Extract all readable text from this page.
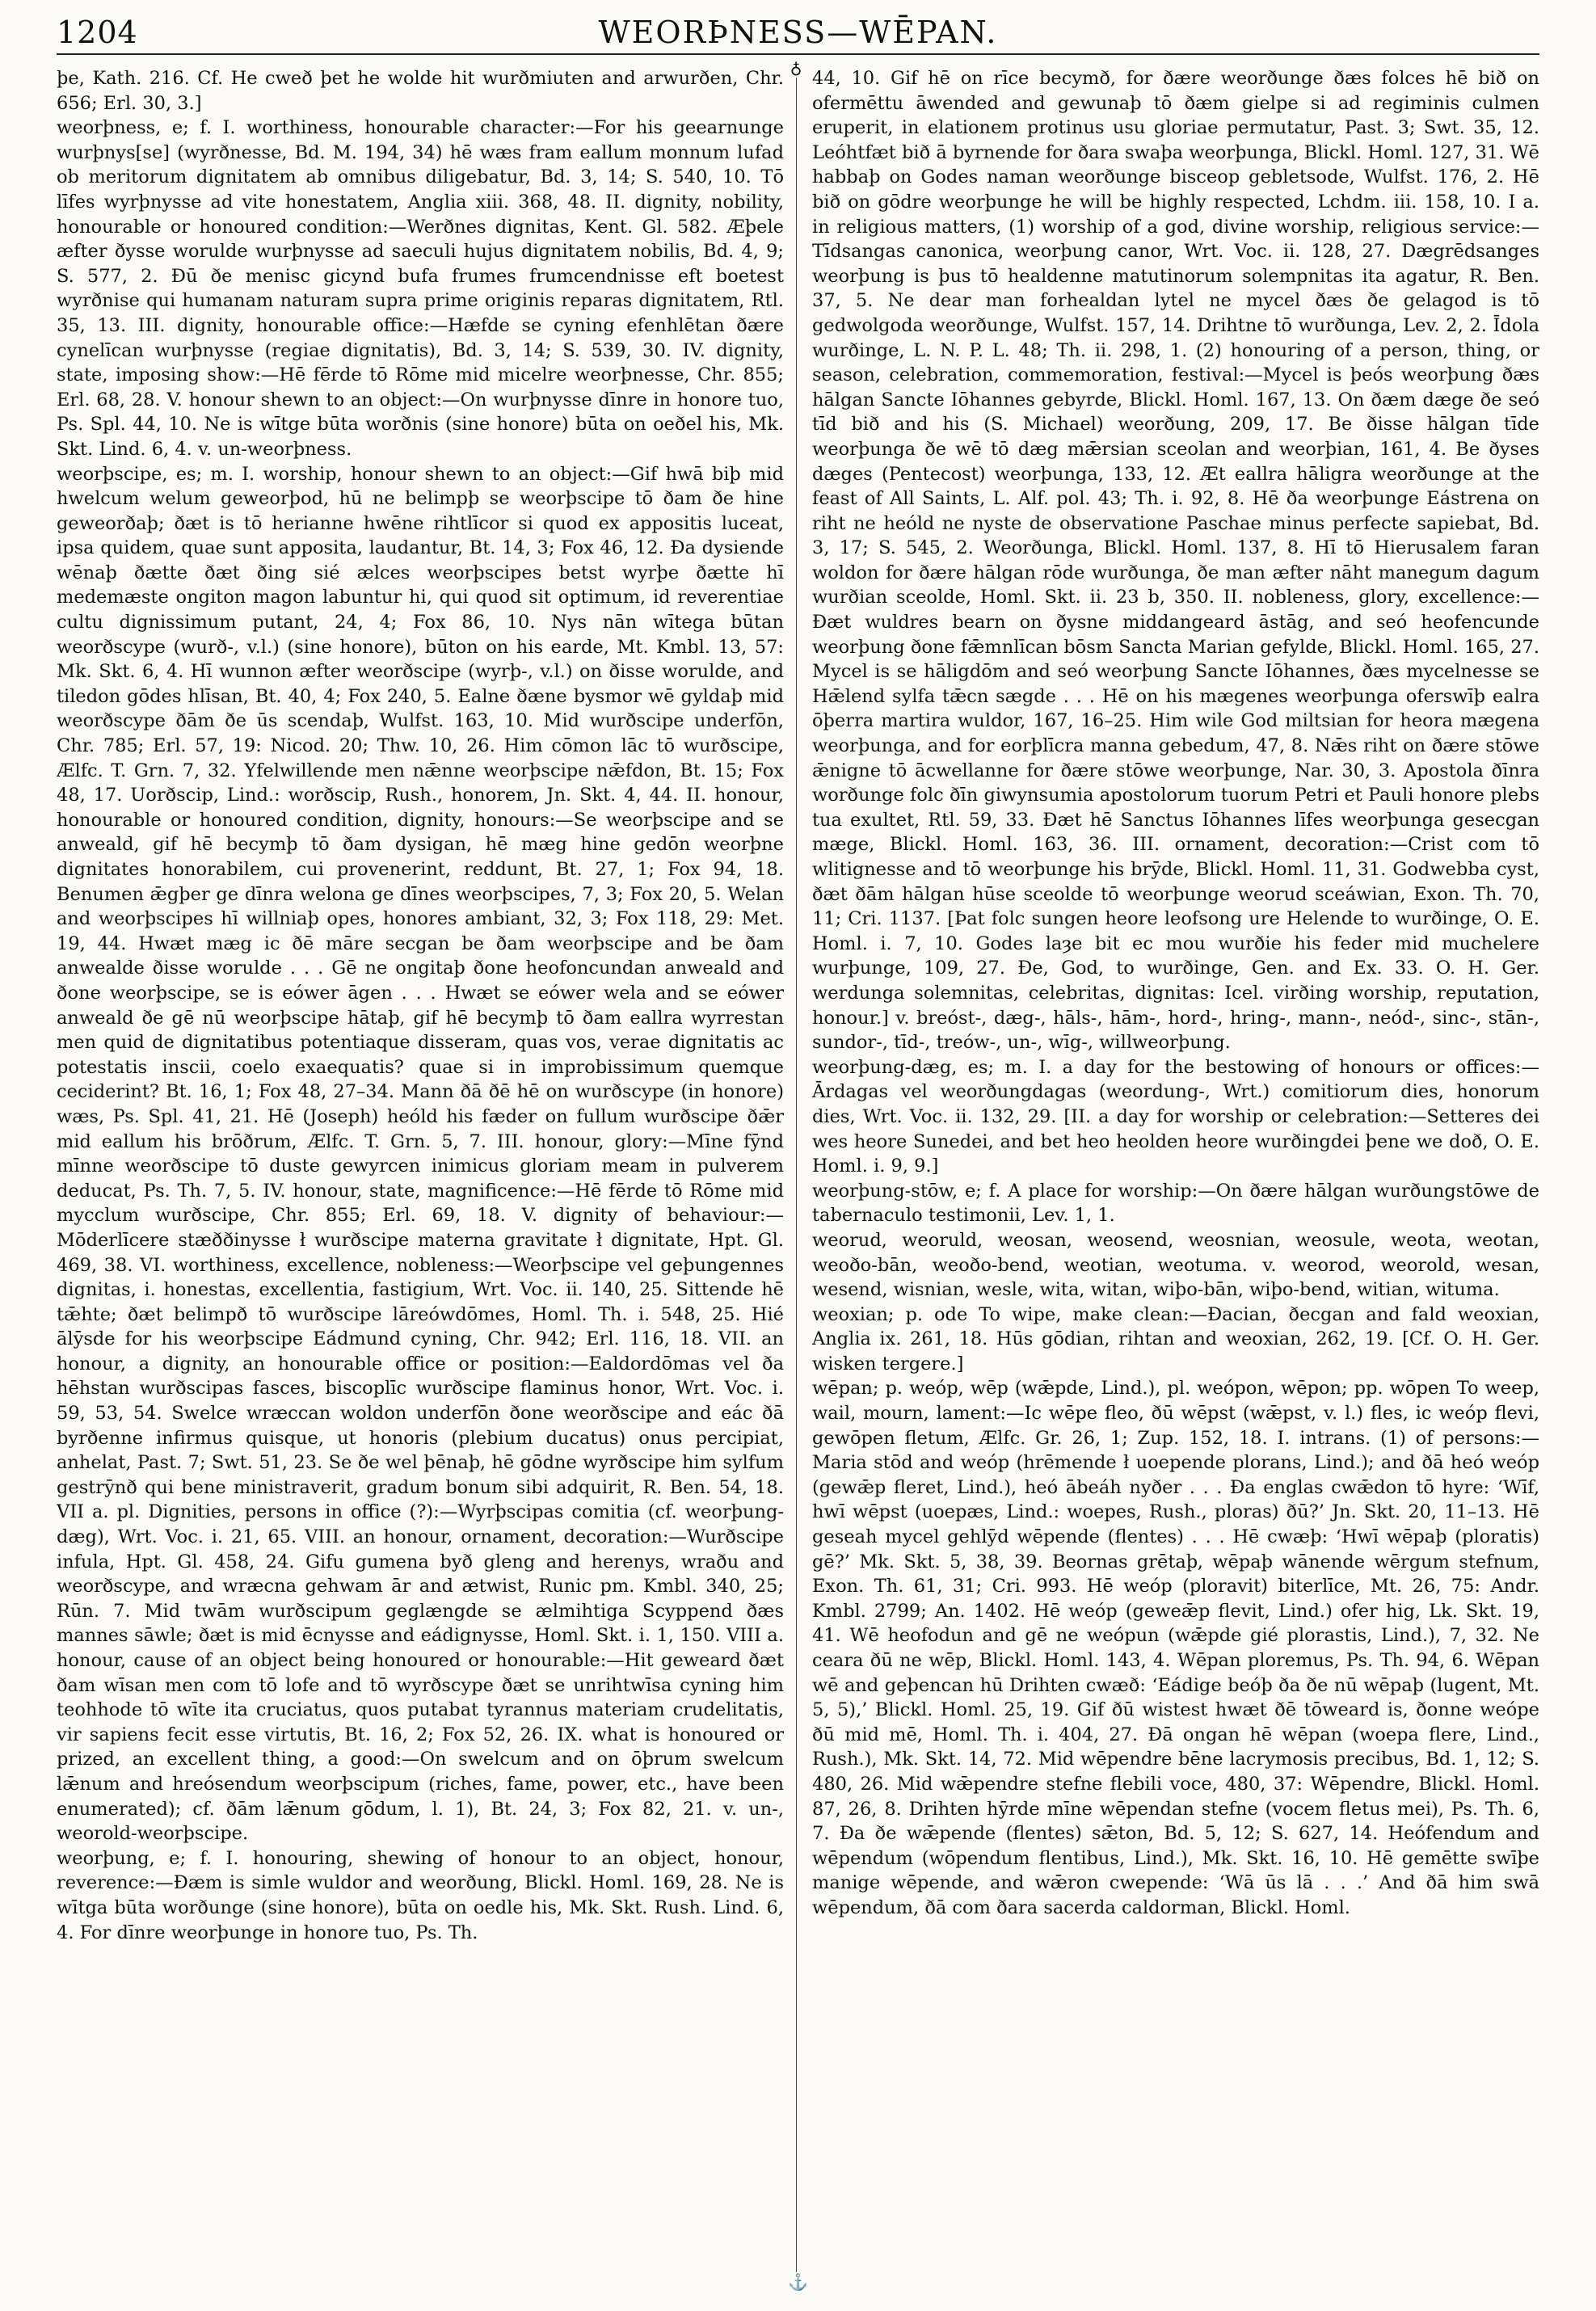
1204	WEORÞNESS—WĒPAN.

þe, Kath. 216. Cf. He cweð þet he wolde hit wurðmiuten and arwurðen, Chr. 656; Erl. 30, 3.]

weorþness, e; f. I. worthiness, honourable character:—For his geearnunge wurþnys[se] (wyrðnesse, Bd. M. 194, 34) hē wæs fram eallum monnum lufad ob meritorum dignitatem ab omnibus diligebatur, Bd. 3, 14; S. 540, 10. Tō līfes wyrþnysse ad vite honestatem, Anglia xiii. 368, 48. II. dignity, nobility, honourable or honoured condition:—Werðnes dignitas, Kent. Gl. 582. Æþele æfter ðysse worulde wurþnysse ad saeculi hujus dignitatem nobilis, Bd. 4, 9; S. 577, 2. Ðū ðe menisc gicynd bufa frumes frumcendnisse eft boetest wyrðnise qui humanam naturam supra prime originis reparas dignitatem, Rtl. 35, 13. III. dignity, honourable office:—Hæfde se cyning efenhlētan ðære cynelīcan wurþnysse (regiae dignitatis), Bd. 3, 14; S. 539, 30. IV. dignity, state, imposing show:—Hē fērde tō Rōme mid micelre weorþnesse, Chr. 855; Erl. 68, 28. V. honour shewn to an object:—On wurþnysse dīnre in honore tuo, Ps. Spl. 44, 10. Ne is wītge būta worðnis (sine honore) būta on oeðel his, Mk. Skt. Lind. 6, 4. v. un-weorþness.

weorþscipe, es; m. I. worship, honour shewn to an object:—Gif hwā biþ mid hwelcum welum geweorþod, hū ne belimpþ se weorþscipe tō ðam ðe hine geweorðaþ; ðæt is tō herianne hwēne rihtlīcor si quod ex appositis luceat, ipsa quidem, quae sunt apposita, laudantur, Bt. 14, 3; Fox 46, 12. Ða dysiende wēnaþ ðætte ðæt ðing sié ælces weorþscipes betst wyrþe ðætte hī medemæste ongiton magon labuntur hi, qui quod sit optimum, id reverentiae cultu dignissimum putant, 24, 4; Fox 86, 10. Nys nān wītega būtan weorðscype (wurð-, v.l.) (sine honore), būton on his earde, Mt. Kmbl. 13, 57: Mk. Skt. 6, 4. Hī wunnon æfter weorðscipe (wyrþ-, v.l.) on ðisse worulde, and tiledon gōdes hlīsan, Bt. 40, 4; Fox 240, 5. Ealne ðæne bysmor wē gyldaþ mid weorðscype ðām ðe ūs scendaþ, Wulfst. 163, 10. Mid wurðscipe underfōn, Chr. 785; Erl. 57, 19: Nicod. 20; Thw. 10, 26. Him cōmon lāc tō wurðscipe, Ælfc. T. Grn. 7, 32. Yfelwillende men nǣnne weorþscipe nǣfdon, Bt. 15; Fox 48, 17. Uorðscip, Lind.: worðscip, Rush., honorem, Jn. Skt. 4, 44. II. honour, honourable or honoured condition, dignity, honours:—Se weorþscipe and se anweald, gif hē becymþ tō ðam dysigan, hē mæg hine gedōn weorþne dignitates honorabilem, cui provenerint, reddunt, Bt. 27, 1; Fox 94, 18. Benumen ǣgþer ge dīnra welona ge dīnes weorþscipes, 7, 3; Fox 20, 5. Welan and weorþscipes hī willniaþ opes, honores ambiant, 32, 3; Fox 118, 29: Met. 19, 44. Hwæt mæg ic ðē māre secgan be ðam weorþscipe and be ðam anwealde ðisse worulde . . . Gē ne ongitaþ ðone heofoncundan anweald and ðone weorþscipe, se is eówer āgen . . . Hwæt se eówer wela and se eówer anweald ðe gē nū weorþscipe hātaþ, gif hē becymþ tō ðam eallra wyrrestan men quid de dignitatibus potentiaque disseram, quas vos, verae dignitatis ac potestatis inscii, coelo exaequatis? quae si in improbissimum quemque ceciderint? Bt. 16, 1; Fox 48, 27–34. Mann ðā ðē hē on wurðscype (in honore) wæs, Ps. Spl. 41, 21. Hē (Joseph) heóld his fæder on fullum wurðscipe ðǣr mid eallum his brōðrum, Ælfc. T. Grn. 5, 7. III. honour, glory:—Mīne fȳnd mīnne weorðscipe tō duste gewyrcen inimicus gloriam meam in pulverem deducat, Ps. Th. 7, 5. IV. honour, state, magnificence:—Hē fērde tō Rōme mid mycclum wurðscipe, Chr. 855; Erl. 69, 18. V. dignity of behaviour:—Mōderlīcere stæððinysse ł wurðscipe materna gravitate ł dignitate, Hpt. Gl. 469, 38. VI. worthiness, excellence, nobleness:—Weorþscipe vel geþungennes dignitas, i. honestas, excellentia, fastigium, Wrt. Voc. ii. 140, 25. Sittende hē tǣhte; ðæt belimpð tō wurðscipe lāreówdōmes, Homl. Th. i. 548, 25. Hié ālȳsde for his weorþscipe Eádmund cyning, Chr. 942; Erl. 116, 18. VII. an honour, a dignity, an honourable office or position:—Ealdordōmas vel ða hēhstan wurðscipas fasces, biscoplīc wurðscipe flaminus honor, Wrt. Voc. i. 59, 53, 54. Swelce wræccan woldon underfōn ðone weorðscipe and eác ðā byrðenne infirmus quisque, ut honoris (plebium ducatus) onus percipiat, anhelat, Past. 7; Swt. 51, 23. Se ðe wel þēnaþ, hē gōdne wyrðscipe him sylfum gestrȳnð qui bene ministraverit, gradum bonum sibi adquirit, R. Ben. 54, 18. VII a. pl. Dignities, persons in office (?):—Wyrþscipas comitia (cf. weorþung-dæg), Wrt. Voc. i. 21, 65. VIII. an honour, ornament, decoration:—Wurðscipe infula, Hpt. Gl. 458, 24. Gifu gumena byð gleng and herenys, wraðu and weorðscype, and wræcna gehwam ār and ætwist, Runic pm. Kmbl. 340, 25; Rūn. 7. Mid twām wurðscipum geglængde se ælmihtiga Scyppend ðæs mannes sāwle; ðæt is mid ēcnysse and eádignysse, Homl. Skt. i. 1, 150. VIII a. honour, cause of an object being honoured or honourable:—Hit geweard ðæt ðam wīsan men com tō lofe and tō wyrðscype ðæt se unrihtwīsa cyning him teohhode tō wīte ita cruciatus, quos putabat tyrannus materiam crudelitatis, vir sapiens fecit esse virtutis, Bt. 16, 2; Fox 52, 26. IX. what is honoured or prized, an excellent thing, a good:—On swelcum and on ōþrum swelcum lǣnum and hreósendum weorþscipum (riches, fame, power, etc., have been enumerated); cf. ðām lǣnum gōdum, l. 1), Bt. 24, 3; Fox 82, 21. v. un-, weorold-weorþscipe.

weorþung, e; f. I. honouring, shewing of honour to an object, honour, reverence:—Ðæm is simle wuldor and weorðung, Blickl. Homl. 169, 28. Ne is wītga būta worðunge (sine honore), būta on oedle his, Mk. Skt. Rush. Lind. 6, 4. For dīnre weorþunge in honore tuo, Ps. Th.

♁
⚓

44, 10. Gif hē on rīce becymð, for ðære weorðunge ðæs folces hē bið on ofermēttu āwended and gewunaþ tō ðæm gielpe si ad regiminis culmen eruperit, in elationem protinus usu gloriae permutatur, Past. 3; Swt. 35, 12. Leóhtfæt bið ā byrnende for ðara swaþa weorþunga, Blickl. Homl. 127, 31. Wē habbaþ on Godes naman weorðunge bisceop gebletsode, Wulfst. 176, 2. Hē bið on gōdre weorþunge he will be highly respected, Lchdm. iii. 158, 10. I a. in religious matters, (1) worship of a god, divine worship, religious service:—Tīdsangas canonica, weorþung canor, Wrt. Voc. ii. 128, 27. Dægrēdsanges weorþung is þus tō healdenne matutinorum solempnitas ita agatur, R. Ben. 37, 5. Ne dear man forhealdan lytel ne mycel ðæs ðe gelagod is tō gedwolgoda weorðunge, Wulfst. 157, 14. Drihtne tō wurðunga, Lev. 2, 2. Īdola wurðinge, L. N. P. L. 48; Th. ii. 298, 1. (2) honouring of a person, thing, or season, celebration, commemoration, festival:—Mycel is þeós weorþung ðæs hālgan Sancte Iōhannes gebyrde, Blickl. Homl. 167, 13. On ðæm dæge ðe seó tīd bið and his (S. Michael) weorðung, 209, 17. Be ðisse hālgan tīde weorþunga ðe wē tō dæg mǣrsian sceolan and weorþian, 161, 4. Be ðyses dæges (Pentecost) weorþunga, 133, 12. Æt eallra hāligra weorðunge at the feast of All Saints, L. Alf. pol. 43; Th. i. 92, 8. Hē ða weorþunge Eástrena on riht ne heóld ne nyste de observatione Paschae minus perfecte sapiebat, Bd. 3, 17; S. 545, 2. Weorðunga, Blickl. Homl. 137, 8. Hī tō Hierusalem faran woldon for ðære hālgan rōde wurðunga, ðe man æfter nāht manegum dagum wurðian sceolde, Homl. Skt. ii. 23 b, 350. II. nobleness, glory, excellence:—Ðæt wuldres bearn on ðysne middangeard āstāg, and seó heofencunde weorþung ðone fǣmnlīcan bōsm Sancta Marian gefylde, Blickl. Homl. 165, 27. Mycel is se hāligdōm and seó weorþung Sancte Iōhannes, ðæs mycelnesse se Hǣlend sylfa tǣcn sægde . . . Hē on his mægenes weorþunga oferswīþ ealra ōþerra martira wuldor, 167, 16–25. Him wile God miltsian for heora mægena weorþunga, and for eorþlīcra manna gebedum, 47, 8. Nǣs riht on ðære stōwe ǣnigne tō ācwellanne for ðære stōwe weorþunge, Nar. 30, 3. Apostola ðīnra worðunge folc ðīn giwynsumia apostolorum tuorum Petri et Pauli honore plebs tua exultet, Rtl. 59, 33. Ðæt hē Sanctus Iōhannes līfes weorþunga gesecgan mæge, Blickl. Homl. 163, 36. III. ornament, decoration:—Crist com tō wlitignesse and tō weorþunge his brȳde, Blickl. Homl. 11, 31. Godwebba cyst, ðæt ðām hālgan hūse sceolde tō weorþunge weorud sceáwian, Exon. Th. 70, 11; Cri. 1137. [Þat folc sungen heore leofsong ure Helende to wurðinge, O. E. Homl. i. 7, 10. Godes laȝe bit ec mou wurðie his feder mid muchelere wurþunge, 109, 27. Ðe, God, to wurðinge, Gen. and Ex. 33. O. H. Ger. werdunga solemnitas, celebritas, dignitas: Icel. virðing worship, reputation, honour.] v. breóst-, dæg-, hāls-, hām-, hord-, hring-, mann-, neód-, sinc-, stān-, sundor-, tīd-, treów-, un-, wīg-, willweorþung.

weorþung-dæg, es; m. I. a day for the bestowing of honours or offices:—Ārdagas vel weorðungdagas (weordung-, Wrt.) comitiorum dies, honorum dies, Wrt. Voc. ii. 132, 29. [II. a day for worship or celebration:—Setteres dei wes heore Sunedei, and bet heo heolden heore wurðingdei þene we doð, O. E. Homl. i. 9, 9.]

weorþung-stōw, e; f. A place for worship:—On ðære hālgan wurðungstōwe de tabernaculo testimonii, Lev. 1, 1.

weorud, weoruld, weosan, weosend, weosnian, weosule, weota, weotan, weoðo-bān, weoðo-bend, weotian, weotuma. v. weorod, weorold, wesan, wesend, wisnian, wesle, wita, witan, wiþo-bān, wiþo-bend, witian, wituma.

weoxian; p. ode To wipe, make clean:—Ðacian, ðecgan and fald weoxian, Anglia ix. 261, 18. Hūs gōdian, rihtan and weoxian, 262, 19. [Cf. O. H. Ger. wisken tergere.]

wēpan; p. weóp, wēp (wǣpde, Lind.), pl. weópon, wēpon; pp. wōpen To weep, wail, mourn, lament:—Ic wēpe fleo, ðū wēpst (wǣpst, v. l.) fles, ic weóp flevi, gewōpen fletum, Ælfc. Gr. 26, 1; Zup. 152, 18. I. intrans. (1) of persons:—Maria stōd and weóp (hrēmende ł uoepende plorans, Lind.); and ðā heó weóp (gewǣp fleret, Lind.), heó ābeáh nyðer . . . Ða englas cwǣdon tō hyre: ‘Wīf, hwī wēpst (uoepæs, Lind.: woepes, Rush., ploras) ðū?’ Jn. Skt. 20, 11–13. Hē geseah mycel gehlȳd wēpende (flentes) . . . Hē cwæþ: ‘Hwī wēpaþ (ploratis) gē?’ Mk. Skt. 5, 38, 39. Beornas grētaþ, wēpaþ wānende wērgum stefnum, Exon. Th. 61, 31; Cri. 993. Hē weóp (ploravit) biterlīce, Mt. 26, 75: Andr. Kmbl. 2799; An. 1402. Hē weóp (geweǣp flevit, Lind.) ofer hig, Lk. Skt. 19, 41. Wē heofodun and gē ne weópun (wǣpde gié plorastis, Lind.), 7, 32. Ne ceara ðū ne wēp, Blickl. Homl. 143, 4. Wēpan ploremus, Ps. Th. 94, 6. Wēpan wē and geþencan hū Drihten cwæð: ‘Eádige beóþ ða ðe nū wēpaþ (lugent, Mt. 5, 5),’ Blickl. Homl. 25, 19. Gif ðū wistest hwæt ðē tōweard is, ðonne weópe ðū mid mē, Homl. Th. i. 404, 27. Ðā ongan hē wēpan (woepa flere, Lind., Rush.), Mk. Skt. 14, 72. Mid wēpendre bēne lacrymosis precibus, Bd. 1, 12; S. 480, 26. Mid wǣpendre stefne flebili voce, 480, 37: Wēpendre, Blickl. Homl. 87, 26, 8. Drihten hȳrde mīne wēpendan stefne (vocem fletus mei), Ps. Th. 6, 7. Ða ðe wǣpende (flentes) sǣton, Bd. 5, 12; S. 627, 14. Heófendum and wēpendum (wōpendum flentibus, Lind.), Mk. Skt. 16, 10. Hē gemētte swīþe manige wēpende, and wǣron cwepende: ‘Wā ūs lā . . .’ And ðā him swā wēpendum, ðā com ðara sacerda caldorman, Blickl. Homl.
